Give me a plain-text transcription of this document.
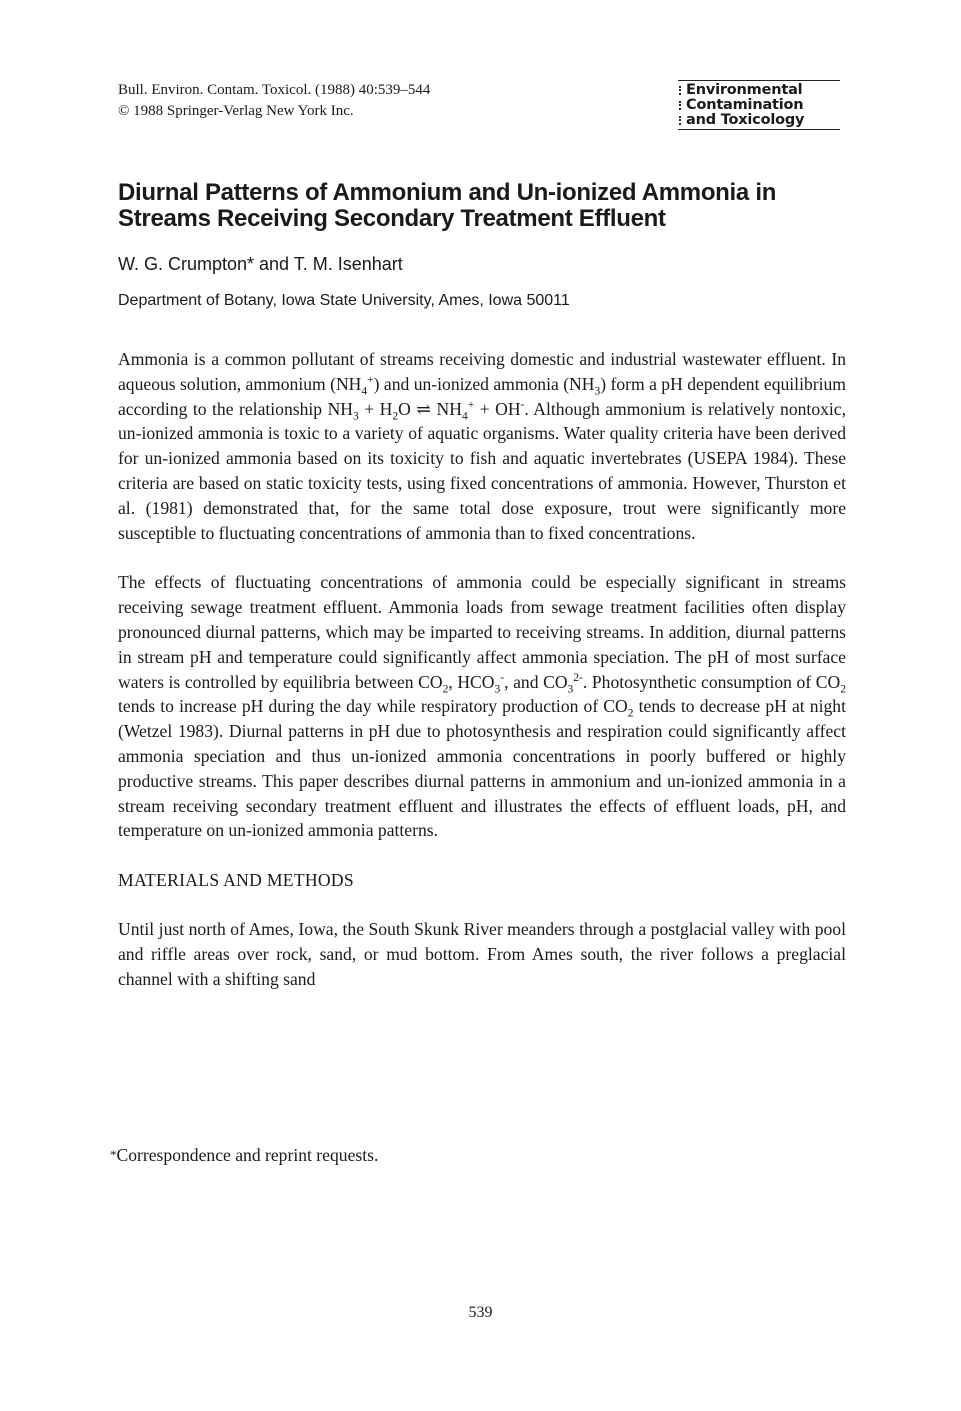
Bull. Environ. Contam. Toxicol. (1988) 40:539–544
© 1988 Springer-Verlag New York Inc.
Environmental
Contamination
and Toxicology
Diurnal Patterns of Ammonium and Un-ionized Ammonia in Streams Receiving Secondary Treatment Effluent
W. G. Crumpton* and T. M. Isenhart
Department of Botany, Iowa State University, Ames, Iowa 50011

Ammonia is a common pollutant of streams receiving domestic and industrial wastewater effluent. In aqueous solution, ammonium $(NH_4^+)$ and un-ionized ammonia $(NH_3)$ form a pH dependent equilibrium according to the relationship $NH_3 + H_2O$ ⇌ $NH_4^+ + OH^-$. Although ammonium is relatively nontoxic, un-ionized ammonia is toxic to a variety of aquatic organisms. Water quality criteria have been derived for un-ionized ammonia based on its toxicity to fish and aquatic invertebrates (USEPA 1984). These criteria are based on static toxicity tests, using fixed concentrations of ammonia. However, Thurston et al. (1981) demonstrated that, for the same total dose exposure, trout were significantly more susceptible to fluctuating concentrations of ammonia than to fixed concentrations.

The effects of fluctuating concentrations of ammonia could be especially significant in streams receiving sewage treatment effluent. Ammonia loads from sewage treatment facilities often display pronounced diurnal patterns, which may be imparted to receiving streams. In addition, diurnal patterns in stream pH and temperature could significantly affect ammonia speciation. The pH of most surface waters is controlled by equilibria between $CO_2$, $HCO_3^-$, and $CO_3^{2-}$. Photosynthetic consumption of $CO_2$ tends to increase pH during the day while respiratory production of $CO_2$ tends to decrease pH at night (Wetzel 1983). Diurnal patterns in pH due to photosynthesis and respiration could significantly affect ammonia speciation and thus un-ionized ammonia concentrations in poorly buffered or highly productive streams. This paper describes diurnal patterns in ammonium and un-ionized ammonia in a stream receiving secondary treatment effluent and illustrates the effects of effluent loads, pH, and temperature on un-ionized ammonia patterns.

MATERIALS AND METHODS

Until just north of Ames, Iowa, the South Skunk River meanders through a postglacial valley with pool and riffle areas over rock, sand, or mud bottom. From Ames south, the river follows a preglacial channel with a shifting sand

*Correspondence and reprint requests.
539
